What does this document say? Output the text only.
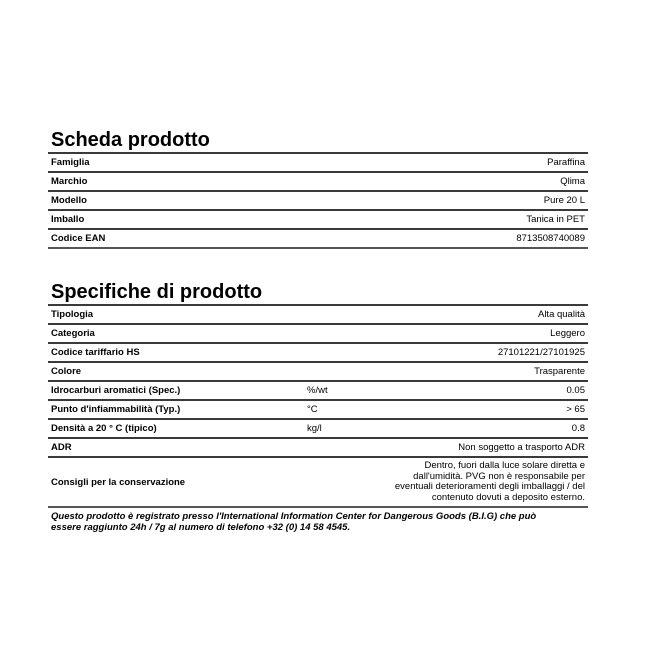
Scheda prodotto
Famiglia	Paraffina
Marchio	Qlima
Modello	Pure 20 L
Imballo	Tanica in PET
Codice EAN	8713508740089
Specifiche di prodotto
Tipologia		Alta qualità
Categoria		Leggero
Codice tariffario HS		27101221/27101925
Colore		Trasparente
Idrocarburi aromatici (Spec.)	%/wt	0.05
Punto d'infiammabilità (Typ.)	°C	> 65
Densità a 20 ° C (tipico)	kg/l	0.8
ADR		Non soggetto a trasporto ADR
Consigli per la conservazione		Dentro, fuori dalla luce solare diretta e
dall'umidità. PVG non è responsabile per
eventuali deterioramenti degli imballaggi / del
contenuto dovuti a deposito esterno.
Questo prodotto è registrato presso l'International Information Center for Dangerous Goods (B.I.G) che può
essere raggiunto 24h / 7g al numero di telefono +32 (0) 14 58 4545.
